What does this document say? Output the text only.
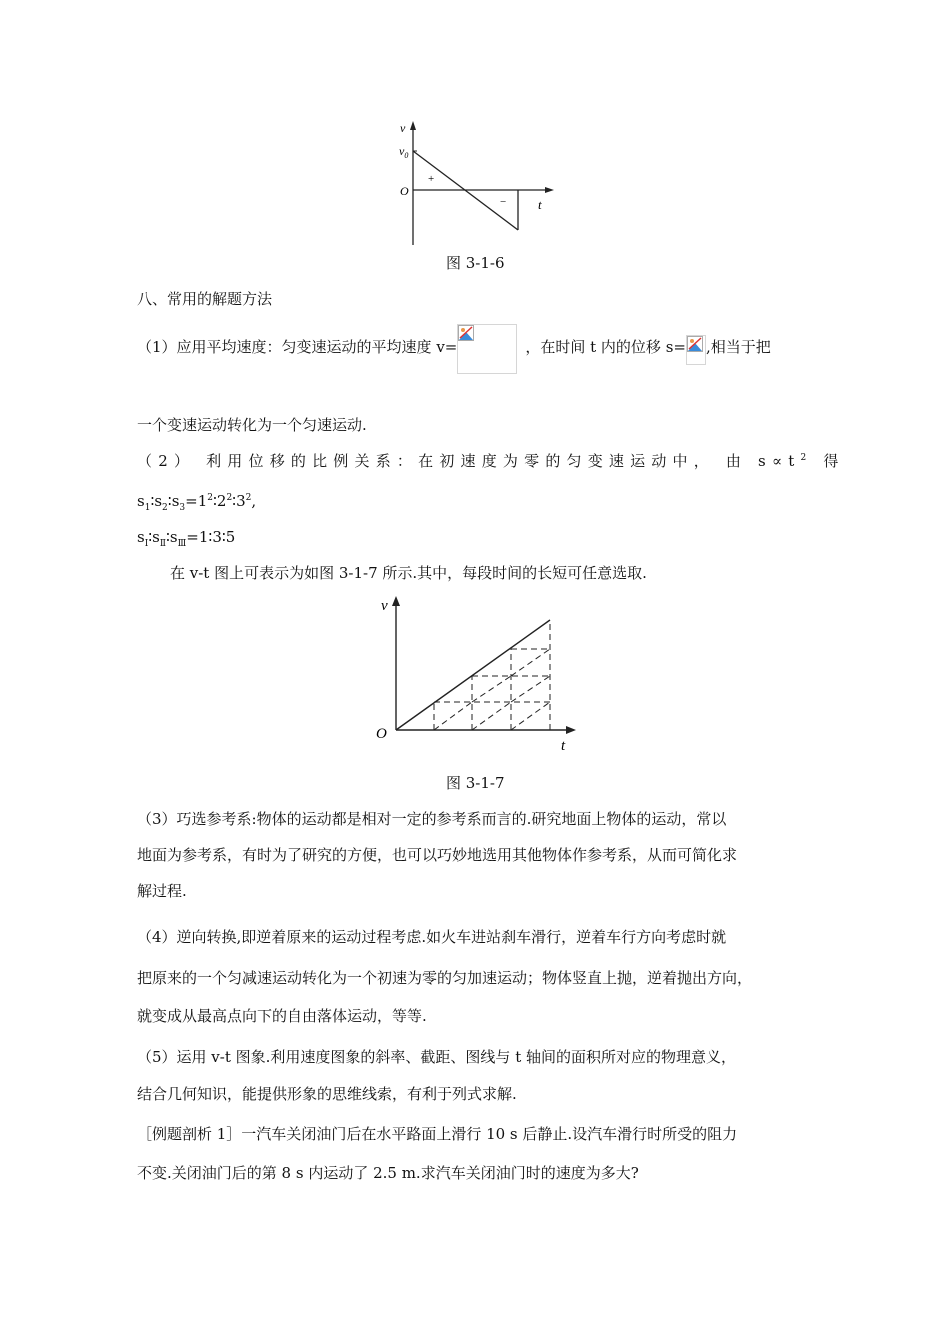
v
$v_0$
O
+
− t
图 3-1-6
八、常用的解题方法
（1）应用平均速度：匀变速运动的平均速度 v=	，在时间 t 内的位移 s= ,相当于把
一个变速运动转化为一个匀速运动.
（2） 利用位移的比例关系：在初速度为零的匀变速运动中， 由 $s\propto t^2$ 得
$s_1∶s_2∶s_3=1^2∶2^2∶3^2$,
$s_Ⅰ∶s_Ⅱ∶s_Ⅲ=1∶3∶5$
在 v-t 图上可表示为如图 3-1-7 所示.其中，每段时间的长短可任意选取.
v
O
t
图 3-1-7
（3）巧选参考系:物体的运动都是相对一定的参考系而言的.研究地面上物体的运动，常以
地面为参考系，有时为了研究的方便，也可以巧妙地选用其他物体作参考系，从而可简化求
解过程.
（4）逆向转换,即逆着原来的运动过程考虑.如火车进站刹车滑行，逆着车行方向考虑时就
把原来的一个匀减速运动转化为一个初速为零的匀加速运动；物体竖直上抛，逆着抛出方向，
就变成从最高点向下的自由落体运动，等等.
（5）运用 v-t 图象.利用速度图象的斜率、截距、图线与 t 轴间的面积所对应的物理意义，
结合几何知识，能提供形象的思维线索，有利于列式求解.
［例题剖析 1］一汽车关闭油门后在水平路面上滑行 10 s 后静止.设汽车滑行时所受的阻力
不变.关闭油门后的第 8 s 内运动了 2.5 m.求汽车关闭油门时的速度为多大?
